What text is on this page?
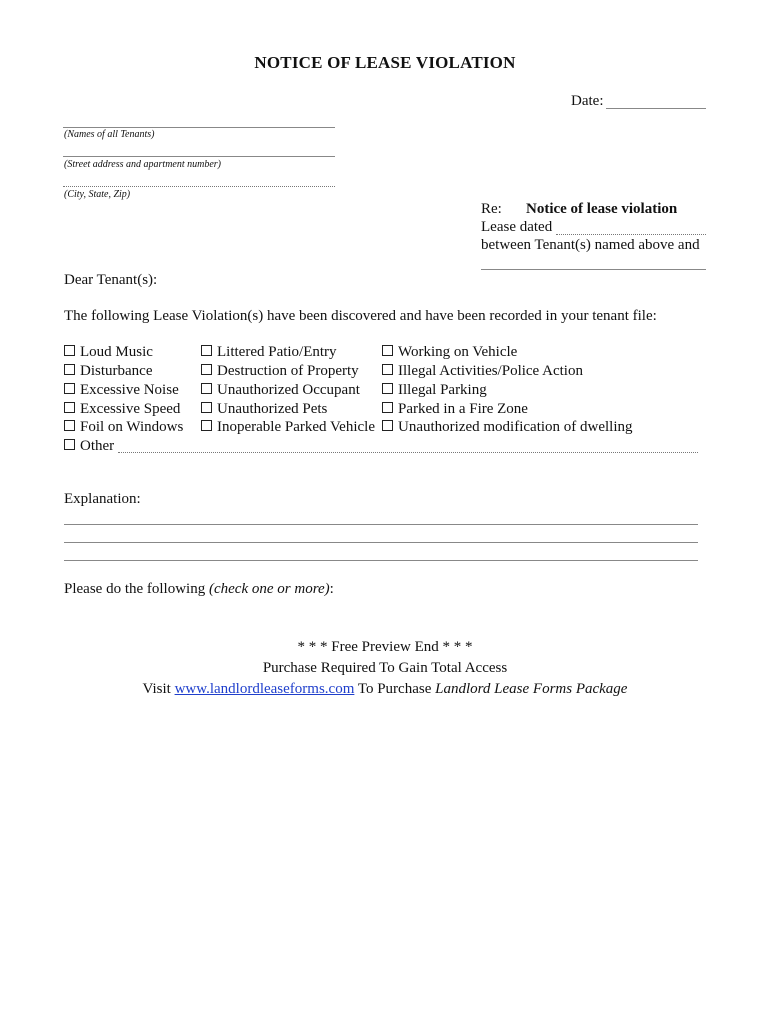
NOTICE OF LEASE VIOLATION
Date:
(Names of all Tenants)
(Street address and apartment number)
(City, State, Zip)
Re: Notice of lease violation
Lease dated
between Tenant(s) named above and
Dear Tenant(s):
The following Lease Violation(s) have been discovered and have been recorded in your tenant file:
Loud Music
Disturbance
Excessive Noise
Excessive Speed
Foil on Windows
Other
Littered Patio/Entry
Destruction of Property
Unauthorized Occupant
Unauthorized Pets
Inoperable Parked Vehicle
Working on Vehicle
Illegal Activities/Police Action
Illegal Parking
Parked in a Fire Zone
Unauthorized modification of dwelling
Explanation:
Please do the following (check one or more):
* * * Free Preview End * * *
Purchase Required To Gain Total Access
Visit www.landlordleaseforms.com To Purchase Landlord Lease Forms Package
